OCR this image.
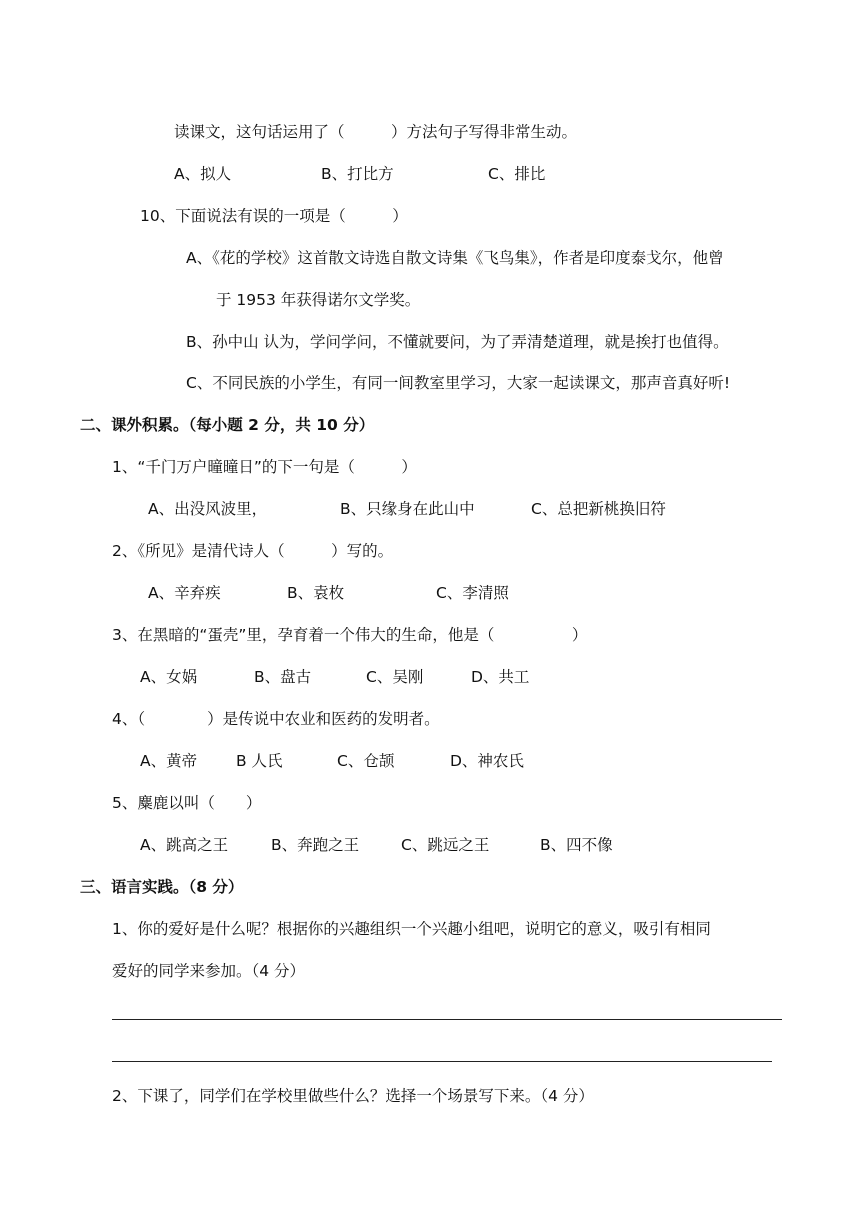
读课文，这句话运用了（　　　）方法句子写得非常生动。
A、拟人	B、打比方	C、排比
10、下面说法有误的一项是（　　　）
A、《花的学校》这首散文诗选自散文诗集《飞鸟集》，作者是印度泰戈尔，他曾
于 1953 年获得诺尔文学奖。
B、孙中山 认为，学问学问，不懂就要问，为了弄清楚道理，就是挨打也值得。
C、不同民族的小学生，有同一间教室里学习，大家一起读课文，那声音真好听!
二、课外积累。（每小题 2 分，共 10 分）
1、“千门万户曈曈日”的下一句是（　　　）
A、出没风波里，	B、只缘身在此山中	C、总把新桃换旧符
2、《所见》是清代诗人（　　　）写的。
A、辛弃疾	B、袁枚	C、李清照
3、在黑暗的“蛋壳”里，孕育着一个伟大的生命，他是（　　　　　）
A、女娲	B、盘古	C、吴刚	D、共工
4、（　　　　）是传说中农业和医药的发明者。
A、黄帝	B 人氏	C、仓颉	D、神农氏
5、麋鹿以叫（　　）
A、跳高之王	B、奔跑之王	C、跳远之王	B、四不像
三、语言实践。（8 分）
1、你的爱好是什么呢？根据你的兴趣组织一个兴趣小组吧，说明它的意义，吸引有相同
爱好的同学来参加。（4 分）
2、下课了，同学们在学校里做些什么？选择一个场景写下来。（4 分）
